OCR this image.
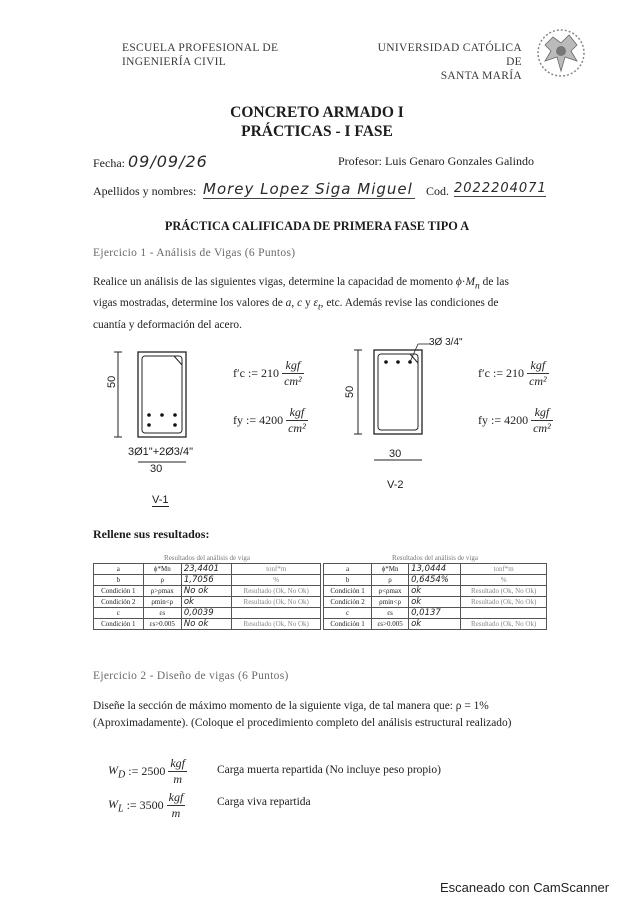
ESCUELA PROFESIONAL DE
INGENIERÍA CIVIL
UNIVERSIDAD CATÓLICA DE
SANTA MARÍA
CONCRETO ARMADO I
PRÁCTICAS - I FASE
Fecha: 09/09/26	Profesor: Luis Genaro Gonzales Galindo
Apellidos y nombres: Morey Lopez Siga Miguel Cod. 2022204071
PRÁCTICA CALIFICADA DE PRIMERA FASE TIPO A
Ejercicio 1 - Análisis de Vigas (6 Puntos)
Realice un análisis de las siguientes vigas, determine la capacidad de momento $\phi\cdot M_n$ de las
vigas mostradas, determine los valores de a, c y $\varepsilon_t$, etc. Además revise las condiciones de
cuantía y deformación del acero.
50
3Ø1"+2Ø3/4"
30
V-1
f′c := $210 \frac{\text{kgf}}{\text{cm²}}$
fy := $4200 \frac{\text{kgf}}{\text{cm²}}$
3Ø 3/4"
50
30
V-2
f′c := $210 \frac{\text{kgf}}{\text{cm²}}$
fy := $4200 \frac{\text{kgf}}{\text{cm²}}$
Rellene sus resultados:
Resultados del análisis de viga			
a	ϕ*Mn	23,4401	tonf*m
b	ρ	1,7056	%
Condición 1	ρ>ρmax	No ok	Resultado (Ok, No Ok)
Condición 2	ρmin<ρ	ok	Resultado (Ok, No Ok)
c	εs	0,0039	
Condición 1	εs>0.005	No ok	Resultado (Ok, No Ok)
Resultados del análisis de viga			
a	ϕ*Mn	13,0444	tonf*m
b	ρ	0,6454%	%
Condición 1	ρ<ρmax	ok	Resultado (Ok, No Ok)
Condición 2	ρmin<ρ	ok	Resultado (Ok, No Ok)
c	εs	0,0137	
Condición 1	εs>0.005	ok	Resultado (Ok, No Ok)
Ejercicio 2 - Diseño de vigas (6 Puntos)
Diseñe la sección de máximo momento de la siguiente viga, de tal manera que: ρ = 1%
(Aproximadamente). (Coloque el procedimiento completo del análisis estructural realizado)
$W_D$ := $2500 \frac{\text{kgf}}{m}$	Carga muerta repartida (No incluye peso propio)
$W_L$ := $3500 \frac{\text{kgf}}{m}$	Carga viva repartida
Escaneado con CamScanner
